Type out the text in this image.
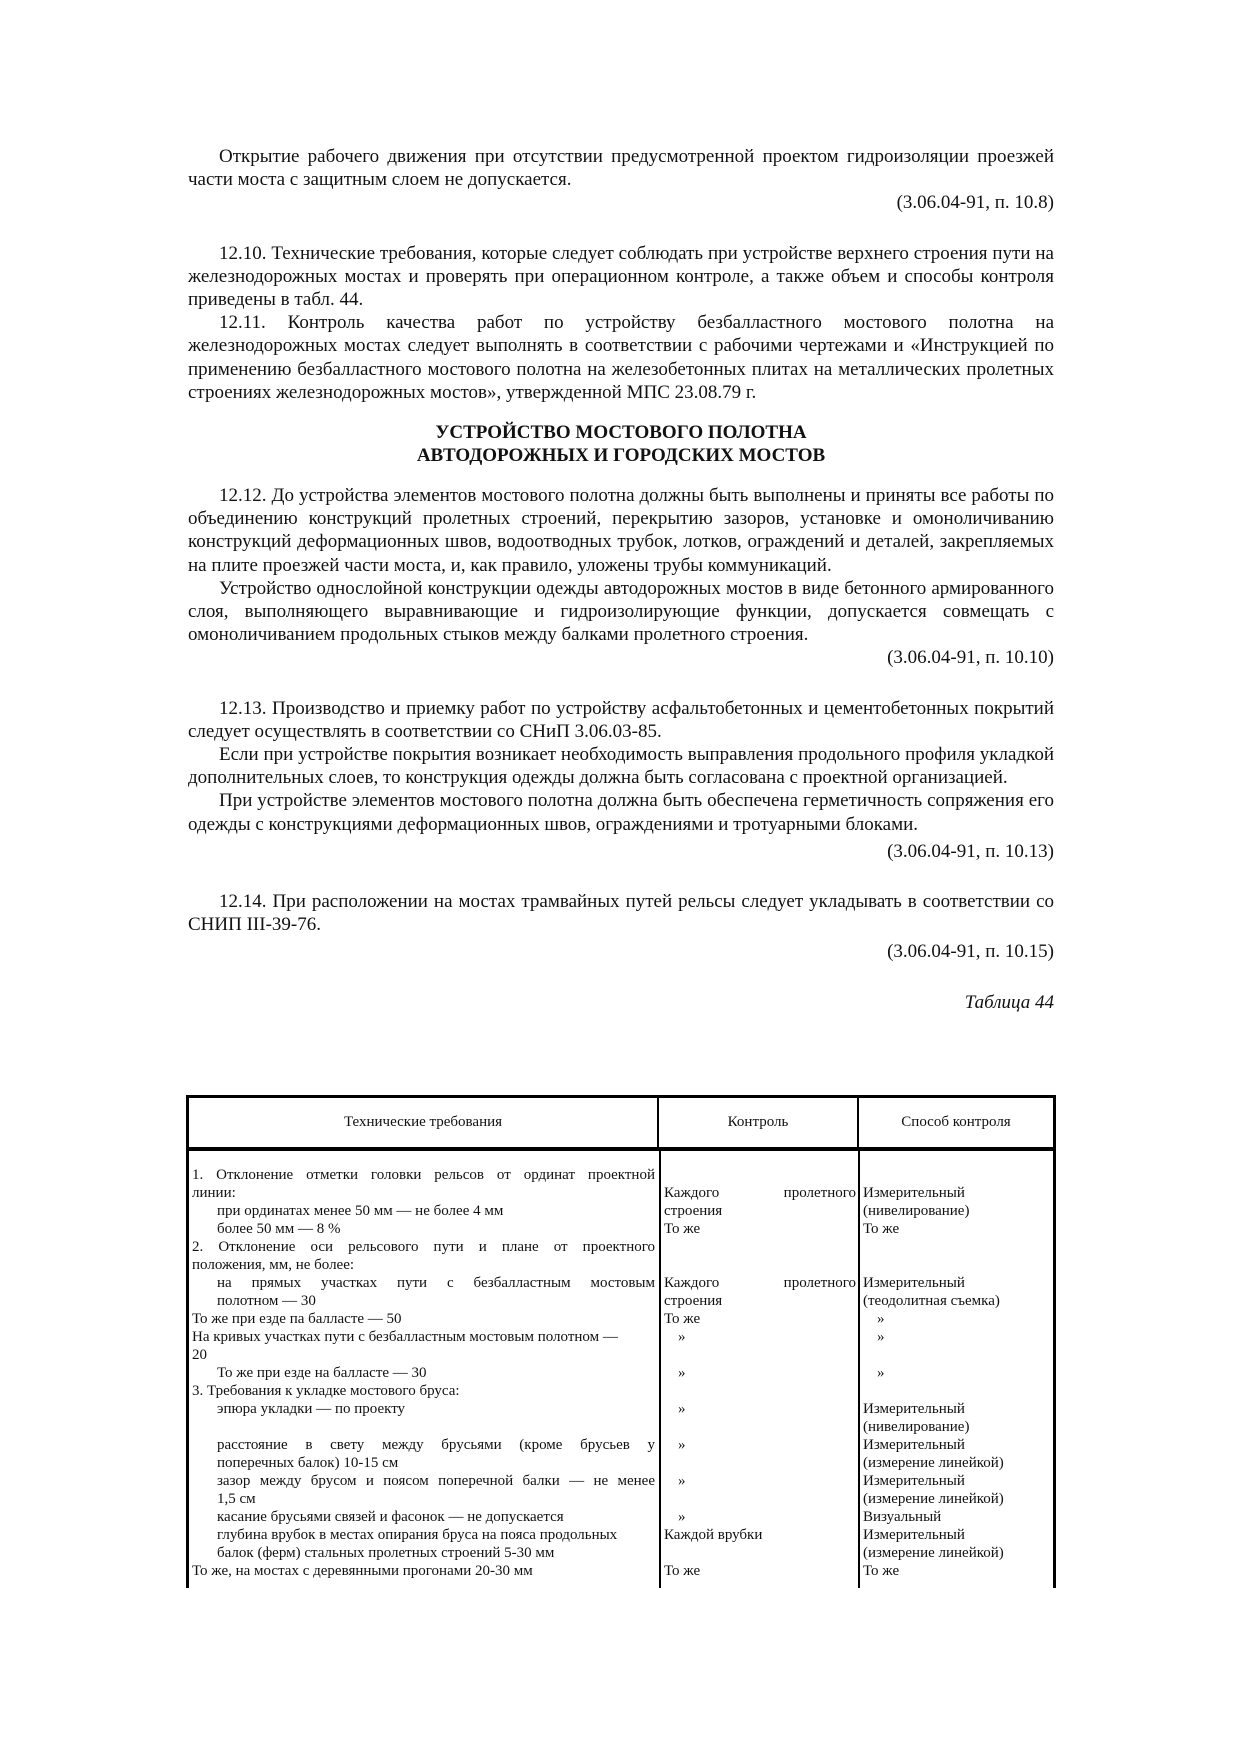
Открытие рабочего движения при отсутствии предусмотренной проектом гидроизоляции проезжей части моста с защитным слоем не допускается.

(3.06.04-91, п. 10.8)

12.10. Технические требования, которые следует соблюдать при устройстве верхнего строения пути на железнодорожных мостах и проверять при операционном контроле, а также объем и способы контроля приведены в табл. 44.

12.11. Контроль качества работ по устройству безбалластного мостового полотна на железнодорожных мостах следует выполнять в соответствии с рабочими чертежами и «Инструкцией по применению безбалластного мостового полотна на железобетонных плитах на металлических пролетных строениях железнодорожных мостов», утвержденной МПС 23.08.79 г.

УСТРОЙСТВО МОСТОВОГО ПОЛОТНА
АВТОДОРОЖНЫХ И ГОРОДСКИХ МОСТОВ

12.12. До устройства элементов мостового полотна должны быть выполнены и приняты все работы по объединению конструкций пролетных строений, перекрытию зазоров, установке и омоноличиванию конструкций деформационных швов, водоотводных трубок, лотков, ограждений и деталей, закрепляемых на плите проезжей части моста, и, как правило, уложены трубы коммуникаций.

Устройство однослойной конструкции одежды автодорожных мостов в виде бетонного армированного слоя, выполняющего выравнивающие и гидроизолирующие функции, допускается совмещать с омоноличиванием продольных стыков между балками пролетного строения.

(3.06.04-91, п. 10.10)

12.13. Производство и приемку работ по устройству асфальтобетонных и цементобетонных покрытий следует осуществлять в соответствии со СНиП 3.06.03-85.

Если при устройстве покрытия возникает необходимость выправления продольного профиля укладкой дополнительных слоев, то конструкция одежды должна быть согласована с проектной организацией.

При устройстве элементов мостового полотна должна быть обеспечена герметичность сопряжения его одежды с конструкциями деформационных швов, ограждениями и тротуарными блоками.

(3.06.04-91, п. 10.13)

12.14. При расположении на мостах трамвайных путей рельсы следует укладывать в соответствии со СНИП III-39-76.

(3.06.04-91, п. 10.15)

Таблица 44

Технические требования	Контроль	Способ контроля
1. Отклонение отметки головки рельсов от ординат проектной
линии:
при ординатах менее 50 мм — не более 4 мм
более 50 мм — 8 %
2. Отклонение оси рельсового пути и плане от проектного
положения, мм, не более:
на прямых участках пути с безбалластным мостовым
полотном — 30
То же при езде па балласте — 50
На кривых участках пути с безбалластным мостовым полотном —
20
То же при езде на балласте — 30
3. Требования к укладке мостового бруса:
эпюра укладки — по проекту
расстояние в свету между брусьями (кроме брусьев у
поперечных балок) 10-15 см
зазор между брусом и поясом поперечной балки — не менее
1,5 см
касание брусьями связей и фасонок — не допускается
глубина врубок в местах опирания бруса на пояса продольных
балок (ферм) стальных пролетных строений 5-30 мм
То же, на мостах с деревянными прогонами 20-30 мм
Каждого пролетного
строения
То же
Каждого пролетного
строения
То же
»
»
»
»
»
»
Каждой врубки
То же
Измерительный
(нивелирование)
То же
Измерительный
(теодолитная съемка)
»
»
»
Измерительный
(нивелирование)
Измерительный
(измерение линейкой)
Измерительный
(измерение линейкой)
Визуальный
Измерительный
(измерение линейкой)
То же
